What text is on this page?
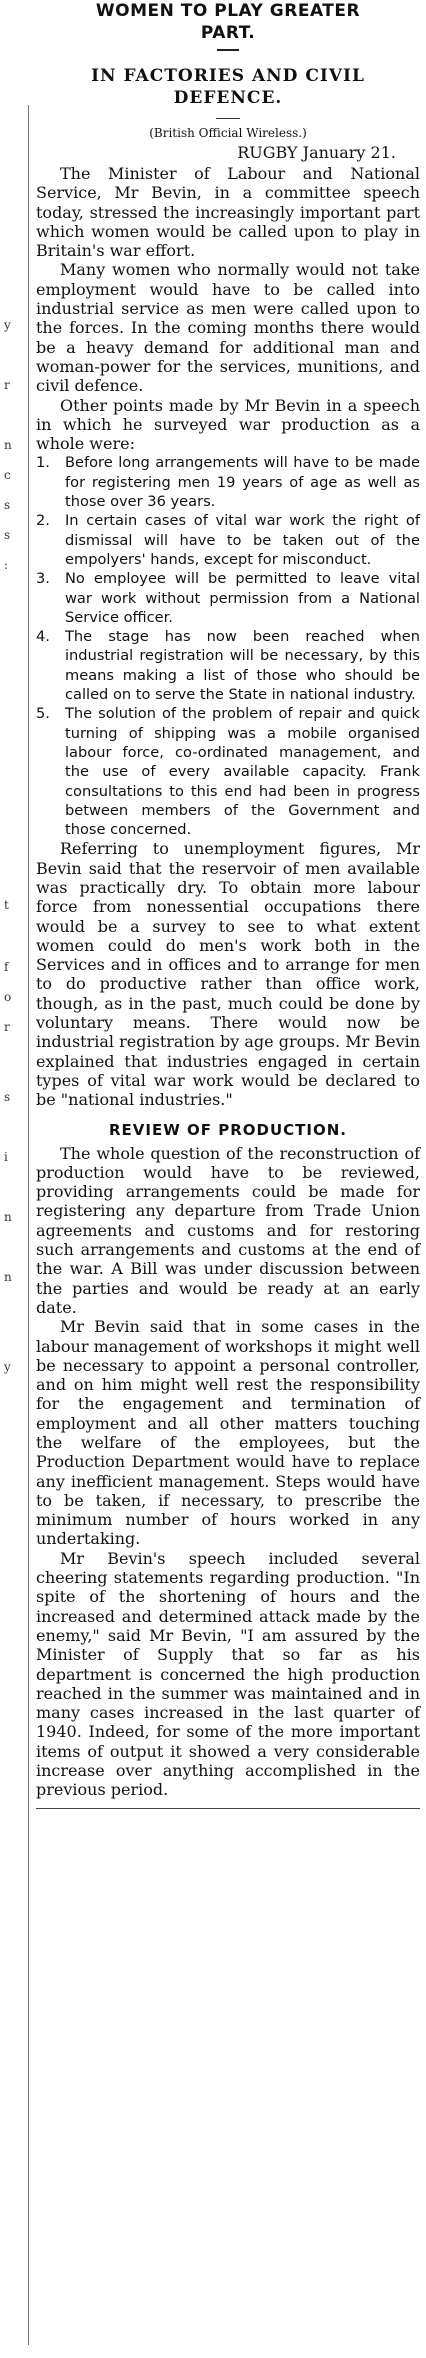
y
r
n
c
s
s
:
t
f
o
r
s
i
n
n
y
WOMEN TO PLAY GREATER
PART.
IN FACTORIES AND CIVIL
DEFENCE.
(British Official Wireless.)
RUGBY January 21.

The Minister of Labour and National Service, Mr Bevin, in a committee speech today, stressed the increasingly important part which women would be called upon to play in Britain's war effort.

Many women who normally would not take employment would have to be called into industrial service as men were called upon to the forces. In the coming months there would be a heavy demand for additional man and woman-power for the services, munitions, and civil defence.

Other points made by Mr Bevin in a speech in which he surveyed war production as a whole were:

1. Before long arrangements will have to be made for registering men 19 years of age as well as those over 36 years.
2. In certain cases of vital war work the right of dismissal will have to be taken out of the empolyers' hands, except for misconduct.
3. No employee will be permitted to leave vital war work without permission from a National Service officer.
4. The stage has now been reached when industrial registration will be necessary, by this means making a list of those who should be called on to serve the State in national industry.
5. The solution of the problem of repair and quick turning of shipping was a mobile organised labour force, co-ordinated management, and the use of every available capacity. Frank consultations to this end had been in progress between members of the Government and those concerned.

Referring to unemployment figures, Mr Bevin said that the reservoir of men available was practically dry. To obtain more labour force from nonessential occupations there would be a survey to see to what extent women could do men's work both in the Services and in offices and to arrange for men to do productive rather than office work, though, as in the past, much could be done by voluntary means. There would now be industrial registration by age groups. Mr Bevin explained that industries engaged in certain types of vital war work would be declared to be "national industries."

REVIEW OF PRODUCTION.

The whole question of the reconstruction of production would have to be reviewed, providing arrangements could be made for registering any departure from Trade Union agreements and customs and for restoring such arrangements and customs at the end of the war. A Bill was under discussion between the parties and would be ready at an early date.

Mr Bevin said that in some cases in the labour management of workshops it might well be necessary to appoint a personal controller, and on him might well rest the responsibility for the engagement and termination of employment and all other matters touching the welfare of the employees, but the Production Department would have to replace any inefficient management. Steps would have to be taken, if necessary, to prescribe the minimum number of hours worked in any undertaking.

Mr Bevin's speech included several cheering statements regarding production. "In spite of the shortening of hours and the increased and determined attack made by the enemy," said Mr Bevin, "I am assured by the Minister of Supply that so far as his department is concerned the high production reached in the summer was maintained and in many cases increased in the last quarter of 1940. Indeed, for some of the more important items of output it showed a very considerable increase over anything accomplished in the previous period.
